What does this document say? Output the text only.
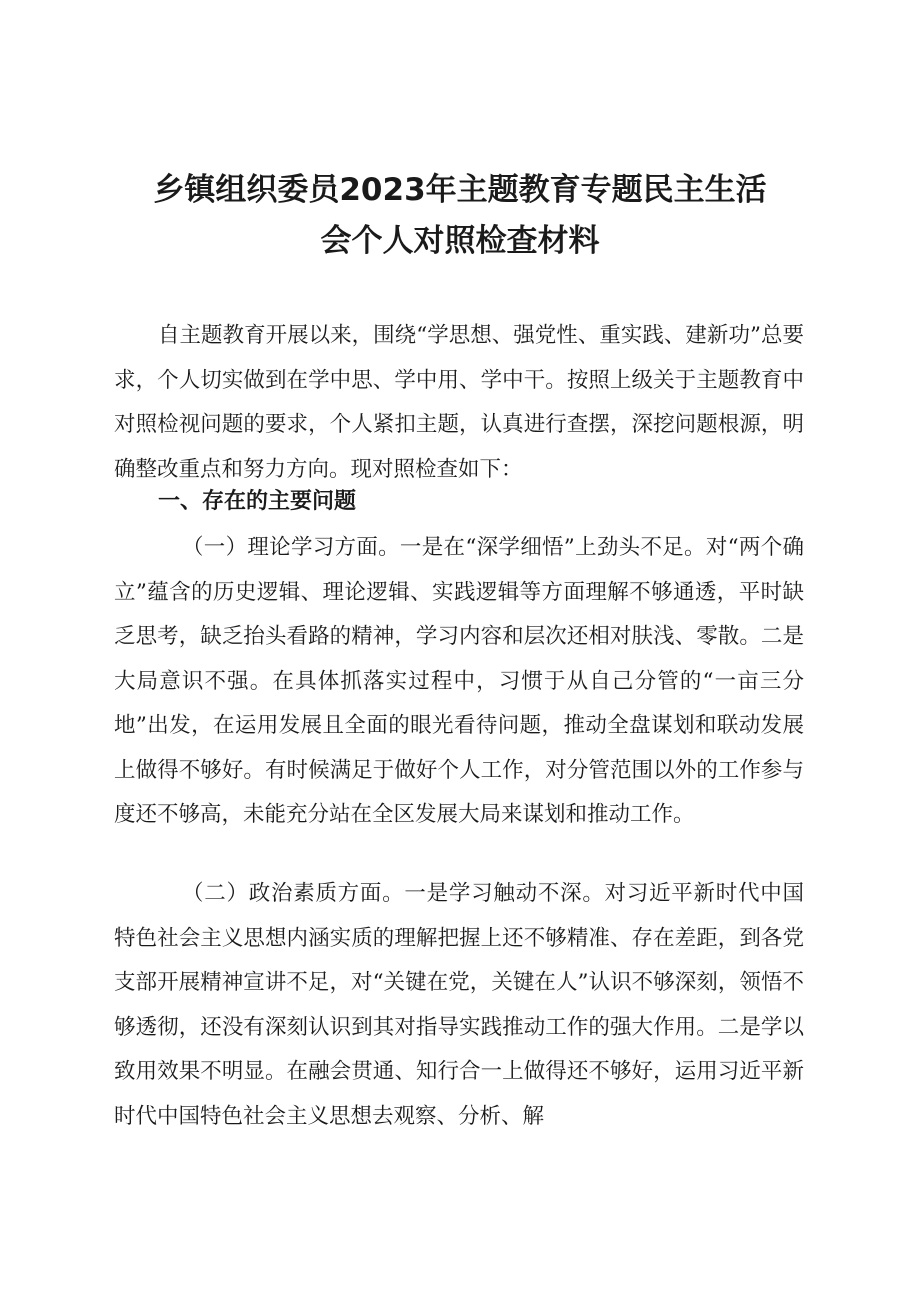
乡镇组织委员2023年主题教育专题民主生活
会个人对照检查材料

自主题教育开展以来，围绕“学思想、强党性、重实践、建新功”总要求，个人切实做到在学中思、学中用、学中干。按照上级关于主题教育中对照检视问题的要求，个人紧扣主题，认真进行查摆，深挖问题根源，明确整改重点和努力方向。现对照检查如下：

一、存在的主要问题

（一）理论学习方面。一是在“深学细悟”上劲头不足。对“两个确立”蕴含的历史逻辑、理论逻辑、实践逻辑等方面理解不够通透，平时缺乏思考，缺乏抬头看路的精神，学习内容和层次还相对肤浅、零散。二是大局意识不强。在具体抓落实过程中，习惯于从自己分管的“一亩三分地”出发，在运用发展且全面的眼光看待问题，推动全盘谋划和联动发展上做得不够好。有时候满足于做好个人工作，对分管范围以外的工作参与度还不够高，未能充分站在全区发展大局来谋划和推动工作。

（二）政治素质方面。一是学习触动不深。对习近平新时代中国特色社会主义思想内涵实质的理解把握上还不够精准、存在差距，到各党支部开展精神宣讲不足，对“关键在党，关键在人”认识不够深刻，领悟不够透彻，还没有深刻认识到其对指导实践推动工作的强大作用。二是学以致用效果不明显。在融会贯通、知行合一上做得还不够好，运用习近平新时代中国特色社会主义思想去观察、分析、解
